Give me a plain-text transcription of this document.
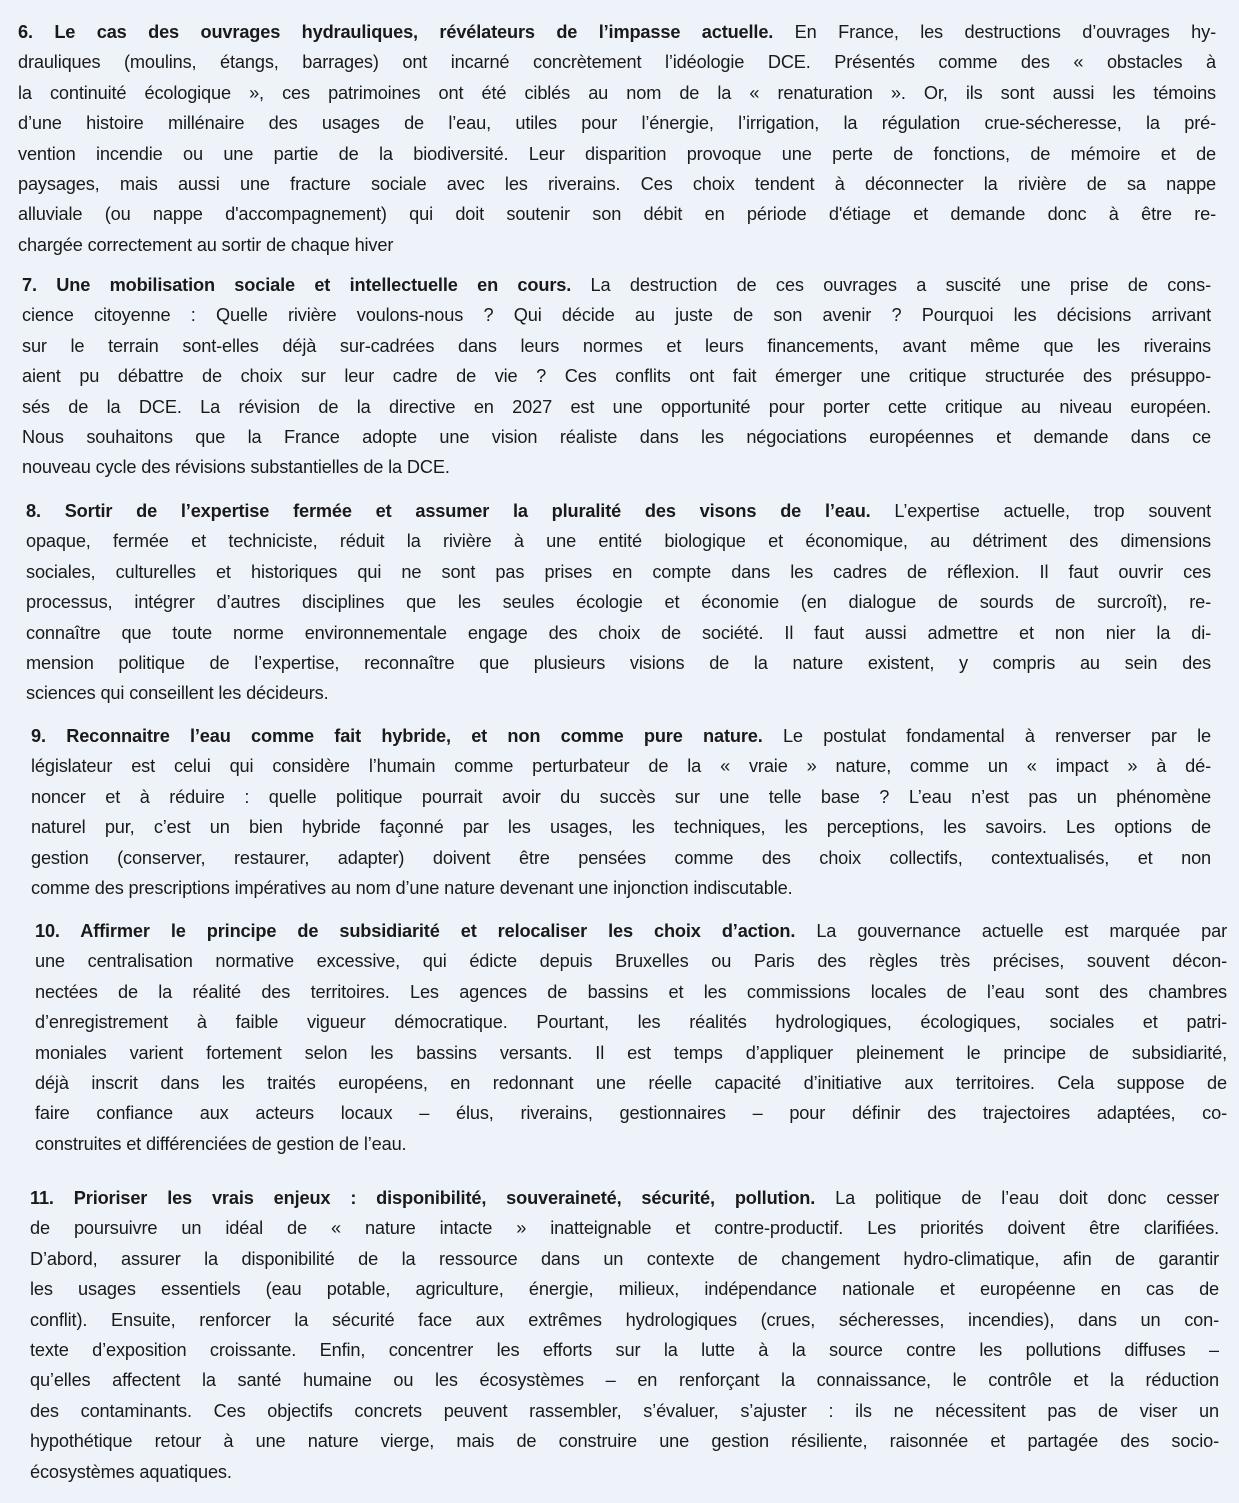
6. Le cas des ouvrages hydrauliques, révélateurs de l’impasse actuelle. En France, les destructions d’ouvrages hy-
drauliques (moulins, étangs, barrages) ont incarné concrètement l’idéologie DCE. Présentés comme des « obstacles à
la continuité écologique », ces patrimoines ont été ciblés au nom de la « renaturation ». Or, ils sont aussi les témoins
d’une histoire millénaire des usages de l’eau, utiles pour l’énergie, l’irrigation, la régulation crue-sécheresse, la pré-
vention incendie ou une partie de la biodiversité. Leur disparition provoque une perte de fonctions, de mémoire et de
paysages, mais aussi une fracture sociale avec les riverains. Ces choix tendent à déconnecter la rivière de sa nappe
alluviale (ou nappe d'accompagnement) qui doit soutenir son débit en période d'étiage et demande donc à être re-
chargée correctement au sortir de chaque hiver
7. Une mobilisation sociale et intellectuelle en cours. La destruction de ces ouvrages a suscité une prise de cons-
cience citoyenne : Quelle rivière voulons-nous ? Qui décide au juste de son avenir ? Pourquoi les décisions arrivant
sur le terrain sont-elles déjà sur-cadrées dans leurs normes et leurs financements, avant même que les riverains
aient pu débattre de choix sur leur cadre de vie ? Ces conflits ont fait émerger une critique structurée des présuppo-
sés de la DCE. La révision de la directive en 2027 est une opportunité pour porter cette critique au niveau européen.
Nous souhaitons que la France adopte une vision réaliste dans les négociations européennes et demande dans ce
nouveau cycle des révisions substantielles de la DCE.
8. Sortir de l’expertise fermée et assumer la pluralité des visons de l’eau. L’expertise actuelle, trop souvent
opaque, fermée et techniciste, réduit la rivière à une entité biologique et économique, au détriment des dimensions
sociales, culturelles et historiques qui ne sont pas prises en compte dans les cadres de réflexion. Il faut ouvrir ces
processus, intégrer d’autres disciplines que les seules écologie et économie (en dialogue de sourds de surcroît), re-
connaître que toute norme environnementale engage des choix de société. Il faut aussi admettre et non nier la di-
mension politique de l’expertise, reconnaître que plusieurs visions de la nature existent, y compris au sein des
sciences qui conseillent les décideurs.
9. Reconnaitre l’eau comme fait hybride, et non comme pure nature. Le postulat fondamental à renverser par le
législateur est celui qui considère l’humain comme perturbateur de la « vraie » nature, comme un « impact » à dé-
noncer et à réduire : quelle politique pourrait avoir du succès sur une telle base ? L’eau n’est pas un phénomène
naturel pur, c’est un bien hybride façonné par les usages, les techniques, les perceptions, les savoirs. Les options de
gestion (conserver, restaurer, adapter) doivent être pensées comme des choix collectifs, contextualisés, et non
comme des prescriptions impératives au nom d’une nature devenant une injonction indiscutable.
10. Affirmer le principe de subsidiarité et relocaliser les choix d’action. La gouvernance actuelle est marquée par
une centralisation normative excessive, qui édicte depuis Bruxelles ou Paris des règles très précises, souvent décon-
nectées de la réalité des territoires. Les agences de bassins et les commissions locales de l’eau sont des chambres
d’enregistrement à faible vigueur démocratique. Pourtant, les réalités hydrologiques, écologiques, sociales et patri-
moniales varient fortement selon les bassins versants. Il est temps d’appliquer pleinement le principe de subsidiarité,
déjà inscrit dans les traités européens, en redonnant une réelle capacité d’initiative aux territoires. Cela suppose de
faire confiance aux acteurs locaux – élus, riverains, gestionnaires – pour définir des trajectoires adaptées, co-
construites et différenciées de gestion de l’eau.
11. Prioriser les vrais enjeux : disponibilité, souveraineté, sécurité, pollution. La politique de l’eau doit donc cesser
de poursuivre un idéal de « nature intacte » inatteignable et contre-productif. Les priorités doivent être clarifiées.
D’abord, assurer la disponibilité de la ressource dans un contexte de changement hydro-climatique, afin de garantir
les usages essentiels (eau potable, agriculture, énergie, milieux, indépendance nationale et européenne en cas de
conflit). Ensuite, renforcer la sécurité face aux extrêmes hydrologiques (crues, sécheresses, incendies), dans un con-
texte d’exposition croissante. Enfin, concentrer les efforts sur la lutte à la source contre les pollutions diffuses –
qu’elles affectent la santé humaine ou les écosystèmes – en renforçant la connaissance, le contrôle et la réduction
des contaminants. Ces objectifs concrets peuvent rassembler, s’évaluer, s’ajuster : ils ne nécessitent pas de viser un
hypothétique retour à une nature vierge, mais de construire une gestion résiliente, raisonnée et partagée des socio-
écosystèmes aquatiques.
